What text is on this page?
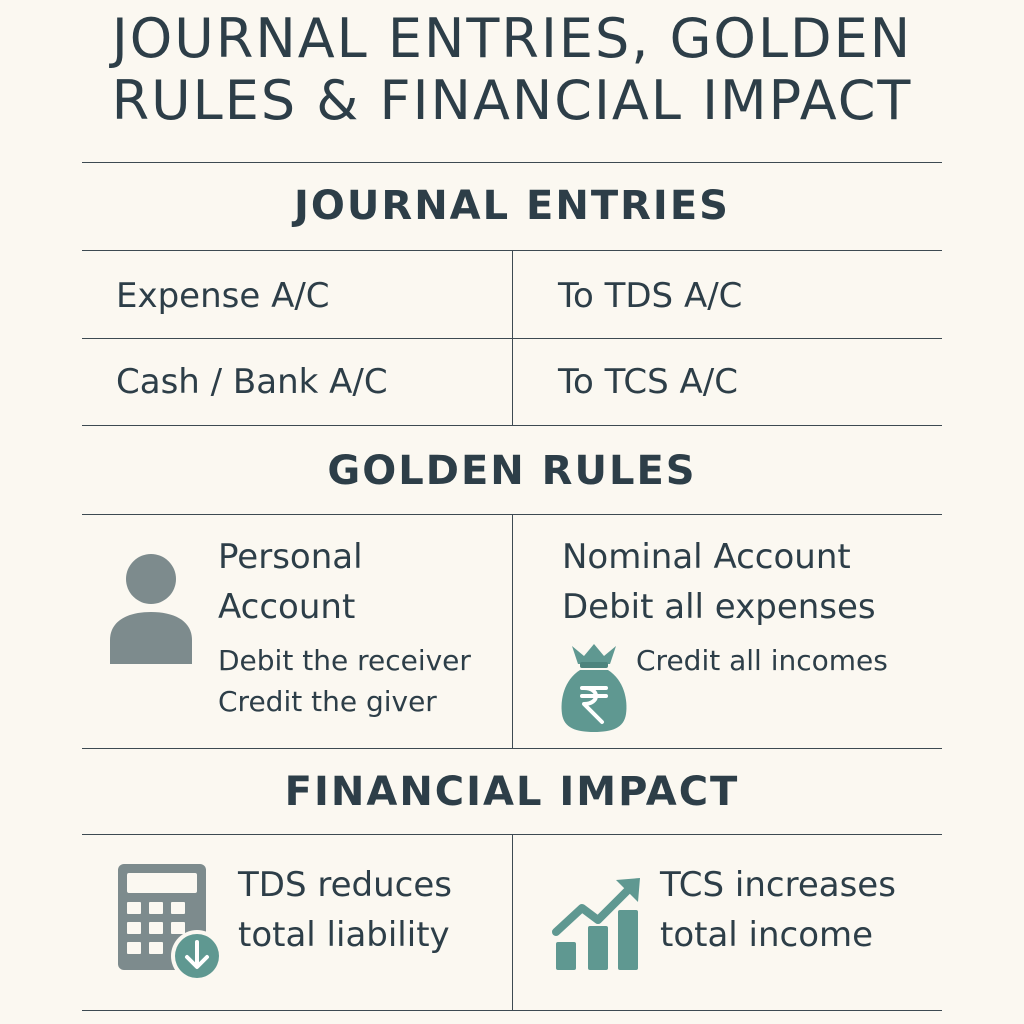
JOURNAL ENTRIES, GOLDEN
RULES & FINANCIAL IMPACT
JOURNAL ENTRIES
Expense A/C	To TDS A/C
Cash / Bank A/C	To TCS A/C
GOLDEN RULES
Personal
Account
Debit the receiver
Credit the giver
Nominal Account
Debit all expenses
Credit all incomes
FINANCIAL IMPACT
TDS reduces
total liability
TCS increases
total income
